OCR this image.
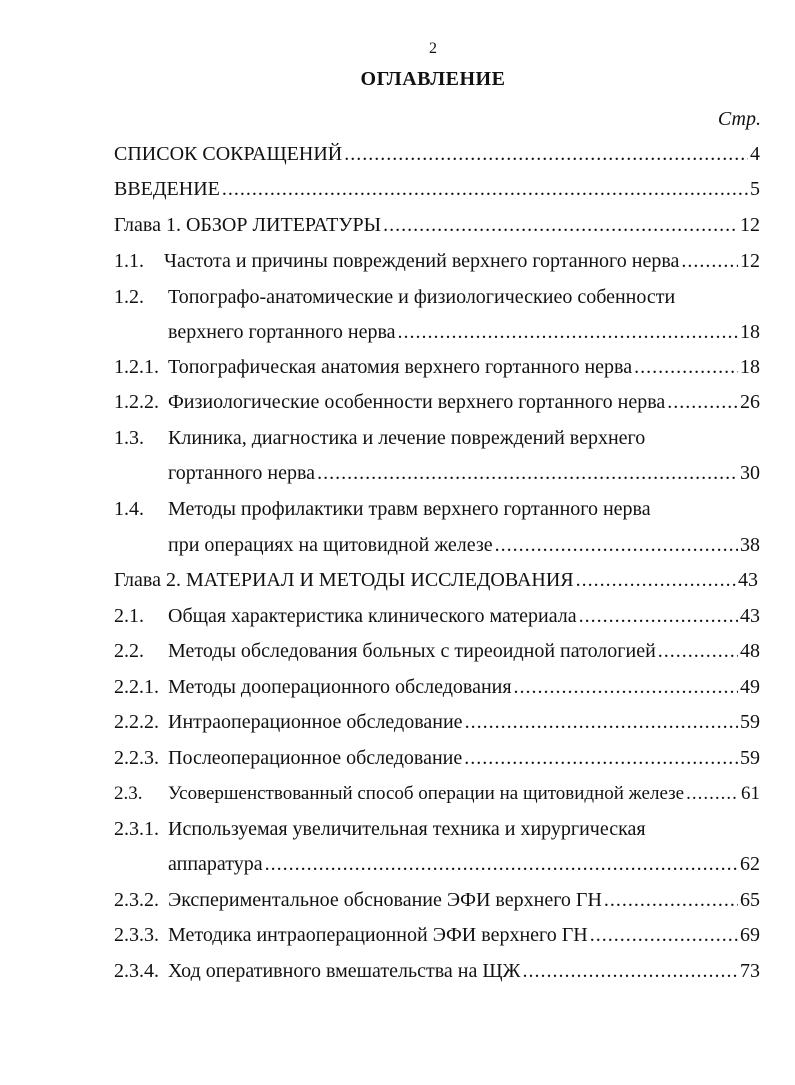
2
ОГЛАВЛЕНИЕ
Стр.
СПИСОК СОКРАЩЕНИЙ .....	4
ВВЕДЕНИЕ .....	5
Глава 1. ОБЗОР ЛИТЕРАТУРЫ .....	12
1.1.	Частота и причины повреждений верхнего гортанного нерва .....	12
1.2. Топографо-анатомические и физиологическиео собенности
верхнего гортанного нерва .....	18
1.2.1. Топографическая анатомия верхнего гортанного нерва .....	18
1.2.2. Физиологические особенности верхнего гортанного нерва .....	26
1.3. Клиника, диагностика и лечение повреждений верхнего
гортанного нерва .....	30
1.4. Методы профилактики травм верхнего гортанного нерва
при операциях на щитовидной железе .....	38
Глава 2. МАТЕРИАЛ И МЕТОДЫ ИССЛЕДОВАНИЯ .....	43
2.1.	Общая характеристика клинического материала .....	43
2.2.	Методы обследования больных с тиреоидной патологией .....	48
2.2.1. Методы дооперационного обследования .....	49
2.2.2. Интраоперационное обследование .....	59
2.2.3. Послеоперационное обследование .....	59
2.3.	Усовершенствованный способ операции на щитовидной железе .....	61
2.3.1. Используемая увеличительная техника и хирургическая
аппаратура .....	62
2.3.2. Экспериментальное обснование ЭФИ верхнего ГН .....	65
2.3.3. Методика интраоперационной ЭФИ верхнего ГН .....	69
2.3.4. Ход оперативного вмешательства на ЩЖ .....	73
